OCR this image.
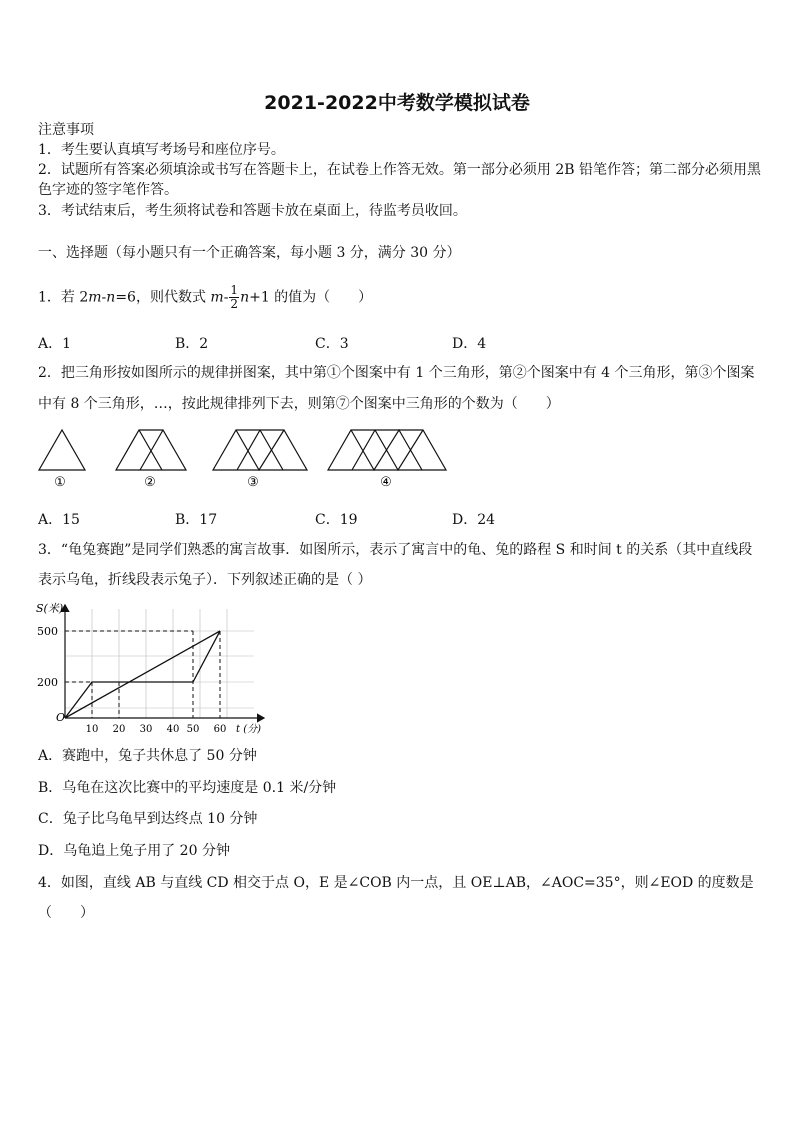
2021-2022中考数学模拟试卷
注意事项
1．考生要认真填写考场号和座位序号。
2．试题所有答案必须填涂或书写在答题卡上，在试卷上作答无效。第一部分必须用 2B 铅笔作答；第二部分必须用黑
色字迹的签字笔作答。
3．考试结束后，考生须将试卷和答题卡放在桌面上，待监考员收回。
一、选择题（每小题只有一个正确答案，每小题 3 分，满分 30 分）
1．若 2m-n=6，则代数式 $m- \frac{1}{2} n+1$ 的值为（　　）
A．1	B．2	C．3	D．4
2．把三角形按如图所示的规律拼图案，其中第①个图案中有 1 个三角形，第②个图案中有 4 个三角形，第③个图案
中有 8 个三角形，…，按此规律排列下去，则第⑦个图案中三角形的个数为（　　）
①	②	③	④
A．15	B．17	C．19	D．24
3．“龟兔赛跑”是同学们熟悉的寓言故事．如图所示，表示了寓言中的龟、兔的路程 S 和时间 t 的关系（其中直线段
表示乌龟，折线段表示兔子）．下列叙述正确的是（ ）
S(米)
500
200
O
10 20 30 40 50 60 t (分)
A．赛跑中，兔子共休息了 50 分钟
B．乌龟在这次比赛中的平均速度是 0.1 米/分钟
C．兔子比乌龟早到达终点 10 分钟
D．乌龟追上兔子用了 20 分钟
4．如图，直线 AB 与直线 CD 相交于点 O，E 是∠COB 内一点，且 OE⊥AB，∠AOC=35°，则∠EOD 的度数是
（　　）
